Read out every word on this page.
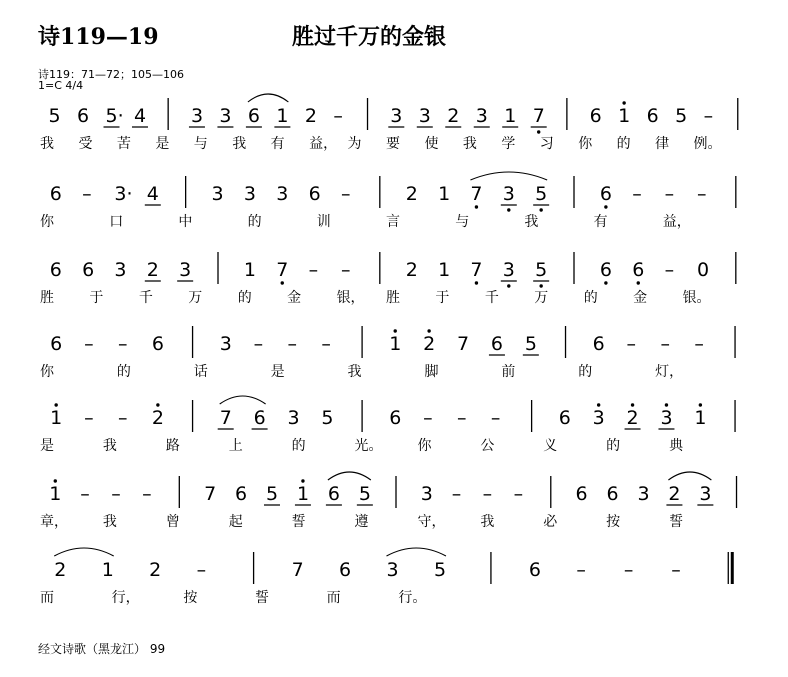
诗119—19	胜过千万的金银
诗119：71—72；105—106
1=C 4/4
5 6 5· 4 3 3 6 1 2 – 3 3 2 3 1 7 6 1 6 5 –
我 受 苦 是 与 我 有 益， 为 要 使 我 学 习 你 的 律 例。
6 – 3· 4	3 3 3 6 –	2 1 7 3 5	6 – – –
你	口	中	的	训	言	与	我	有	益，
6 6 3 2 3	1 7 – –	2 1 7 3 5	6 6 – 0
胜	于	千	万	的	金	银， 胜	于	千	万	的	金	银。
6 – – 6	3 – – –	1 2 7 6 5	6 – – –
你	的	话	是	我	脚	前	的	灯，
1 – – 2	7 6 3 5	6 – – –	6 3 2 3 1
是	我	路	上	的	光。 你	公	义	的	典
1 – – –	7 6 5 1 6 5	3 – – –	6 6 3 2 3
章， 我	曾	起	誓	遵	守， 我	必	按	誓
2 1 2 –	7 6 3 5	6 – – –
而	行，	按	誓	而	行。
经文诗歌（黑龙江） 99
